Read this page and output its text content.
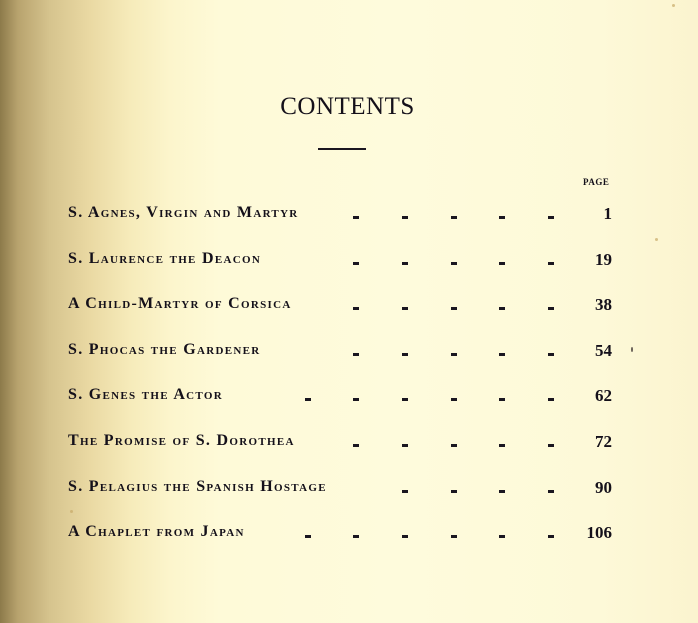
CONTENTS
PAGE
S. Agnes, Virgin and Martyr	1
S. Laurence the Deacon	19
A Child-Martyr of Corsica	38
S. Phocas the Gardener	54
S. Genes the Actor	62
The Promise of S. Dorothea	72
S. Pelagius the Spanish Hostage	90
A Chaplet from Japan	106
